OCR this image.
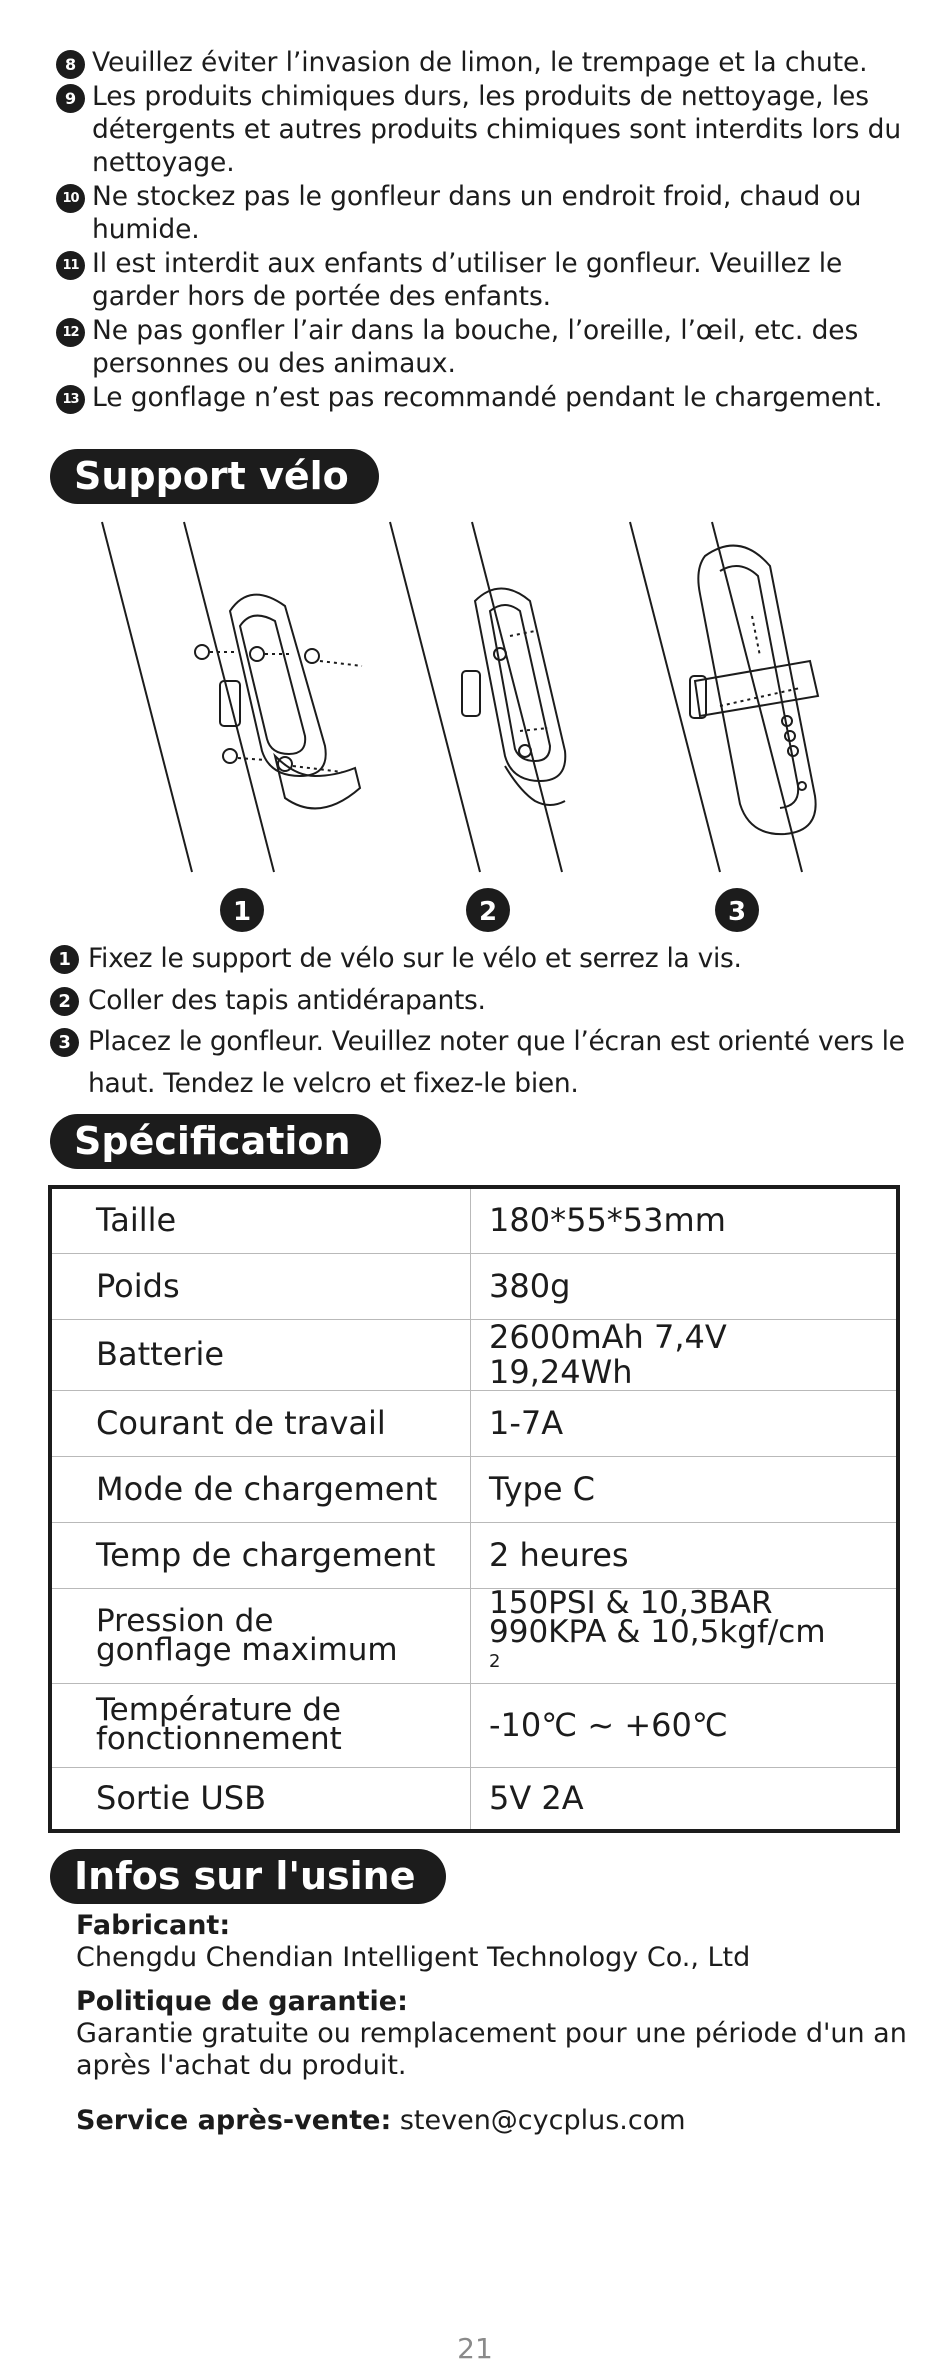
8 Veuillez éviter l’invasion de limon, le trempage et la chute.
9 Les produits chimiques durs, les produits de nettoyage, les détergents et autres produits chimiques sont interdits lors du nettoyage.
10 Ne stockez pas le gonfleur dans un endroit froid, chaud ou humide.
11 Il est interdit aux enfants d’utiliser le gonfleur. Veuillez le garder hors de portée des enfants.
12 Ne pas gonfler l’air dans la bouche, l’oreille, l’œil, etc. des personnes ou des animaux.
13 Le gonflage n’est pas recommandé pendant le chargement.
Support vélo
1	2	3
1 Fixez le support de vélo sur le vélo et serrez la vis.
2 Coller des tapis antidérapants.
3 Placez le gonfleur. Veuillez noter que l’écran est orienté vers le haut. Tendez le velcro et fixez-le bien.
Spécification
Taille	180*55*53mm
Poids	380g
Batterie	2600mAh 7,4V 19,24Wh
Courant de travail	1-7A
Mode de chargement	Type C
Temp de chargement	2 heures

Pression de
gonflage maximum	150PSI & 10,3BAR
990KPA & 10,5kgf/cm
$^2$

Température de
fonctionnement	-10℃ ~ +60℃
Sortie USB	5V 2A
Infos sur l'usine
Fabricant:
Chengdu Chendian Intelligent Technology Co., Ltd
Politique de garantie:
Garantie gratuite ou remplacement pour une période d'un an après l'achat du produit.
Service après-vente: steven@cycplus.com
21
